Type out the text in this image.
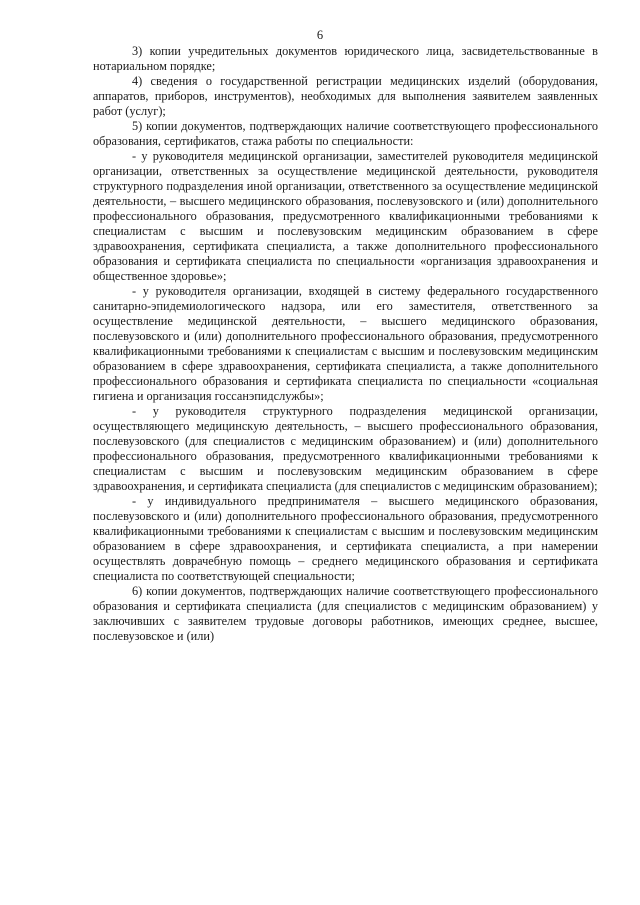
6

3) копии учредительных документов юридического лица, засвидетельствованные в нотариальном порядке;

4) сведения о государственной регистрации медицинских изделий (оборудования, аппаратов, приборов, инструментов), необходимых для выполнения заявителем заявленных работ (услуг);

5) копии документов, подтверждающих наличие соответствующего профессионального образования, сертификатов, стажа работы по специальности:

- у руководителя медицинской организации, заместителей руководителя медицинской организации, ответственных за осуществление медицинской деятельности, руководителя структурного подразделения иной организации, ответственного за осуществление медицинской деятельности, – высшего медицинского образования, послевузовского и (или) дополнительного профессионального образования, предусмотренного квалификационными требованиями к специалистам с высшим и послевузовским медицинским образованием в сфере здравоохранения, сертификата специалиста, а также дополнительного профессионального образования и сертификата специалиста по специальности «организация здравоохранения и общественное здоровье»;

- у руководителя организации, входящей в систему федерального государственного санитарно-эпидемиологического надзора, или его заместителя, ответственного за осуществление медицинской деятельности, – высшего медицинского образования, послевузовского и (или) дополнительного профессионального образования, предусмотренного квалификационными требованиями к специалистам с высшим и послевузовским медицинским образованием в сфере здравоохранения, сертификата специалиста, а также дополнительного профессионального образования и сертификата специалиста по специальности «социальная гигиена и организация госсанэпидслужбы»;

- у руководителя структурного подразделения медицинской организации, осуществляющего медицинскую деятельность, – высшего профессионального образования, послевузовского (для специалистов с медицинским образованием) и (или) дополнительного профессионального образования, предусмотренного квалификационными требованиями к специалистам с высшим и послевузовским медицинским образованием в сфере здравоохранения, и сертификата специалиста (для специалистов с медицинским образованием);

- у индивидуального предпринимателя – высшего медицинского образования, послевузовского и (или) дополнительного профессионального образования, предусмотренного квалификационными требованиями к специалистам с высшим и послевузовским медицинским образованием в сфере здравоохранения, и сертификата специалиста, а при намерении осуществлять доврачебную помощь – среднего медицинского образования и сертификата специалиста по соответствующей специальности;

6) копии документов, подтверждающих наличие соответствующего профессионального образования и сертификата специалиста (для специалистов с медицинским образованием) у заключивших с заявителем трудовые договоры работников, имеющих среднее, высшее, послевузовское и (или)
